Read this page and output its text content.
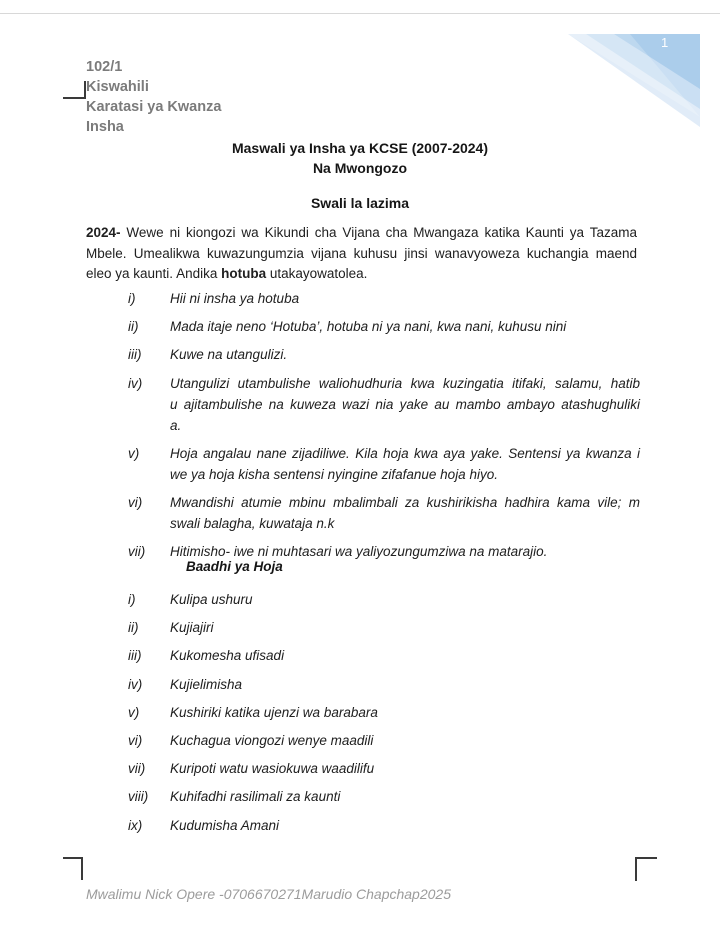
1
102/1
Kiswahili
Karatasi ya Kwanza
Insha
Maswali ya Insha ya KCSE (2007-2024)
Na Mwongozo
Swali la lazima
2024- Wewe ni kiongozi wa Kikundi cha Vijana cha Mwangaza katika Kaunti ya Tazama
Mbele. Umealikwa kuwazungumzia vijana kuhusu jinsi wanavyoweza kuchangia maend
eleo ya kaunti. Andika hotuba utakayowatolea.
i)	Hii ni insha ya hotuba
ii) Mada itaje neno ‘Hotuba’, hotuba ni ya nani, kwa nani, kuhusu nini
iii) Kuwe na utangulizi.
iv) Utangulizi utambulishe waliohudhuria kwa kuzingatia itifaki, salamu, hatib
u ajitambulishe na kuweza wazi nia yake au mambo ambayo atashughuliki
a.
v) Hoja angalau nane zijadiliwe. Kila hoja kwa aya yake. Sentensi ya kwanza i
we ya hoja kisha sentensi nyingine zifafanue hoja hiyo.
vi) Mwandishi atumie mbinu mbalimbali za kushirikisha hadhira kama vile; m
swali balagha, kuwataja n.k
vii) Hitimisho- iwe ni muhtasari wa yaliyozungumziwa na matarajio.
Baadhi ya Hoja
i)	Kulipa ushuru
ii) Kujiajiri
iii) Kukomesha ufisadi
iv) Kujielimisha
v) Kushiriki katika ujenzi wa barabara
vi) Kuchagua viongozi wenye maadili
vii) Kuripoti watu wasiokuwa waadilifu
viii) Kuhifadhi rasilimali za kaunti
ix) Kudumisha Amani
Mwalimu Nick Opere -0706670271Marudio Chapchap2025
